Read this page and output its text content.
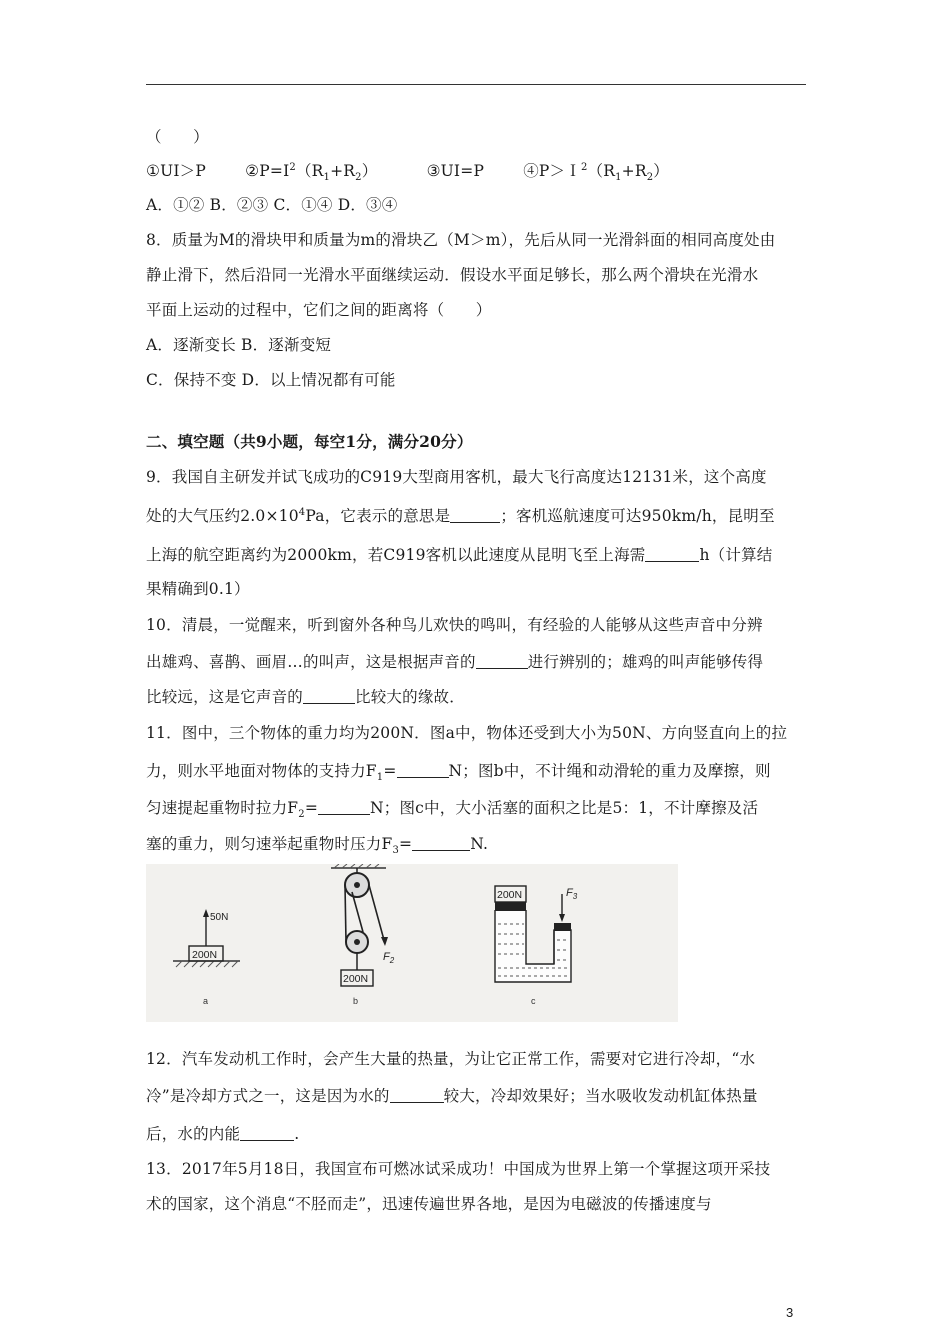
（　　）
①UI＞P	$②P=I^2(R_1+R_2)$	③UI=P	$④P>I^2(R_1+R_2)$
A．①② B．②③ C．①④ D．③④
8．质量为M的滑块甲和质量为m的滑块乙（M＞m），先后从同一光滑斜面的相同高度处由
静止滑下，然后沿同一光滑水平面继续运动．假设水平面足够长，那么两个滑块在光滑水
平面上运动的过程中，它们之间的距离将（　　）
A．逐渐变长 B．逐渐变短
C．保持不变 D．以上情况都有可能
二、填空题（共9小题，每空1分，满分20分）
9．我国自主研发并试飞成功的C919大型商用客机，最大飞行高度达12131米，这个高度
处的大气压约$2.0\times 10^4Pa$，它表示的意思是	；客机巡航速度可达950km/h，昆明至
上海的航空距离约为2000km，若C919客机以此速度从昆明飞至上海需	h（计算结
果精确到0.1）
10．清晨，一觉醒来，听到窗外各种鸟儿欢快的鸣叫，有经验的人能够从这些声音中分辨
出雄鸡、喜鹊、画眉…的叫声，这是根据声音的	进行辨别的；雄鸡的叫声能够传得
比较远，这是它声音的	比较大的缘故．
11．图中，三个物体的重力均为200N．图a中，物体还受到大小为50N、方向竖直向上的拉
力，则水平地面对物体的支持力$F_1=$	N；图b中，不计绳和动滑轮的重力及摩擦，则
匀速提起重物时拉力$F_2=$	N；图c中，大小活塞的面积之比是5：1，不计摩擦及活
塞的重力，则匀速举起重物时压力$F_3=$	N.
200N
50N
a
$F_2$
200N
b
200N	$F_3$
c
12．汽车发动机工作时，会产生大量的热量，为让它正常工作，需要对它进行冷却，“水
冷”是冷却方式之一，这是因为水的	较大，冷却效果好；当水吸收发动机缸体热量
后，水的内能	.
13．2017年5月18日，我国宣布可燃冰试采成功！中国成为世界上第一个掌握这项开采技
术的国家，这个消息“不胫而走”，迅速传遍世界各地，是因为电磁波的传播速度与
3
